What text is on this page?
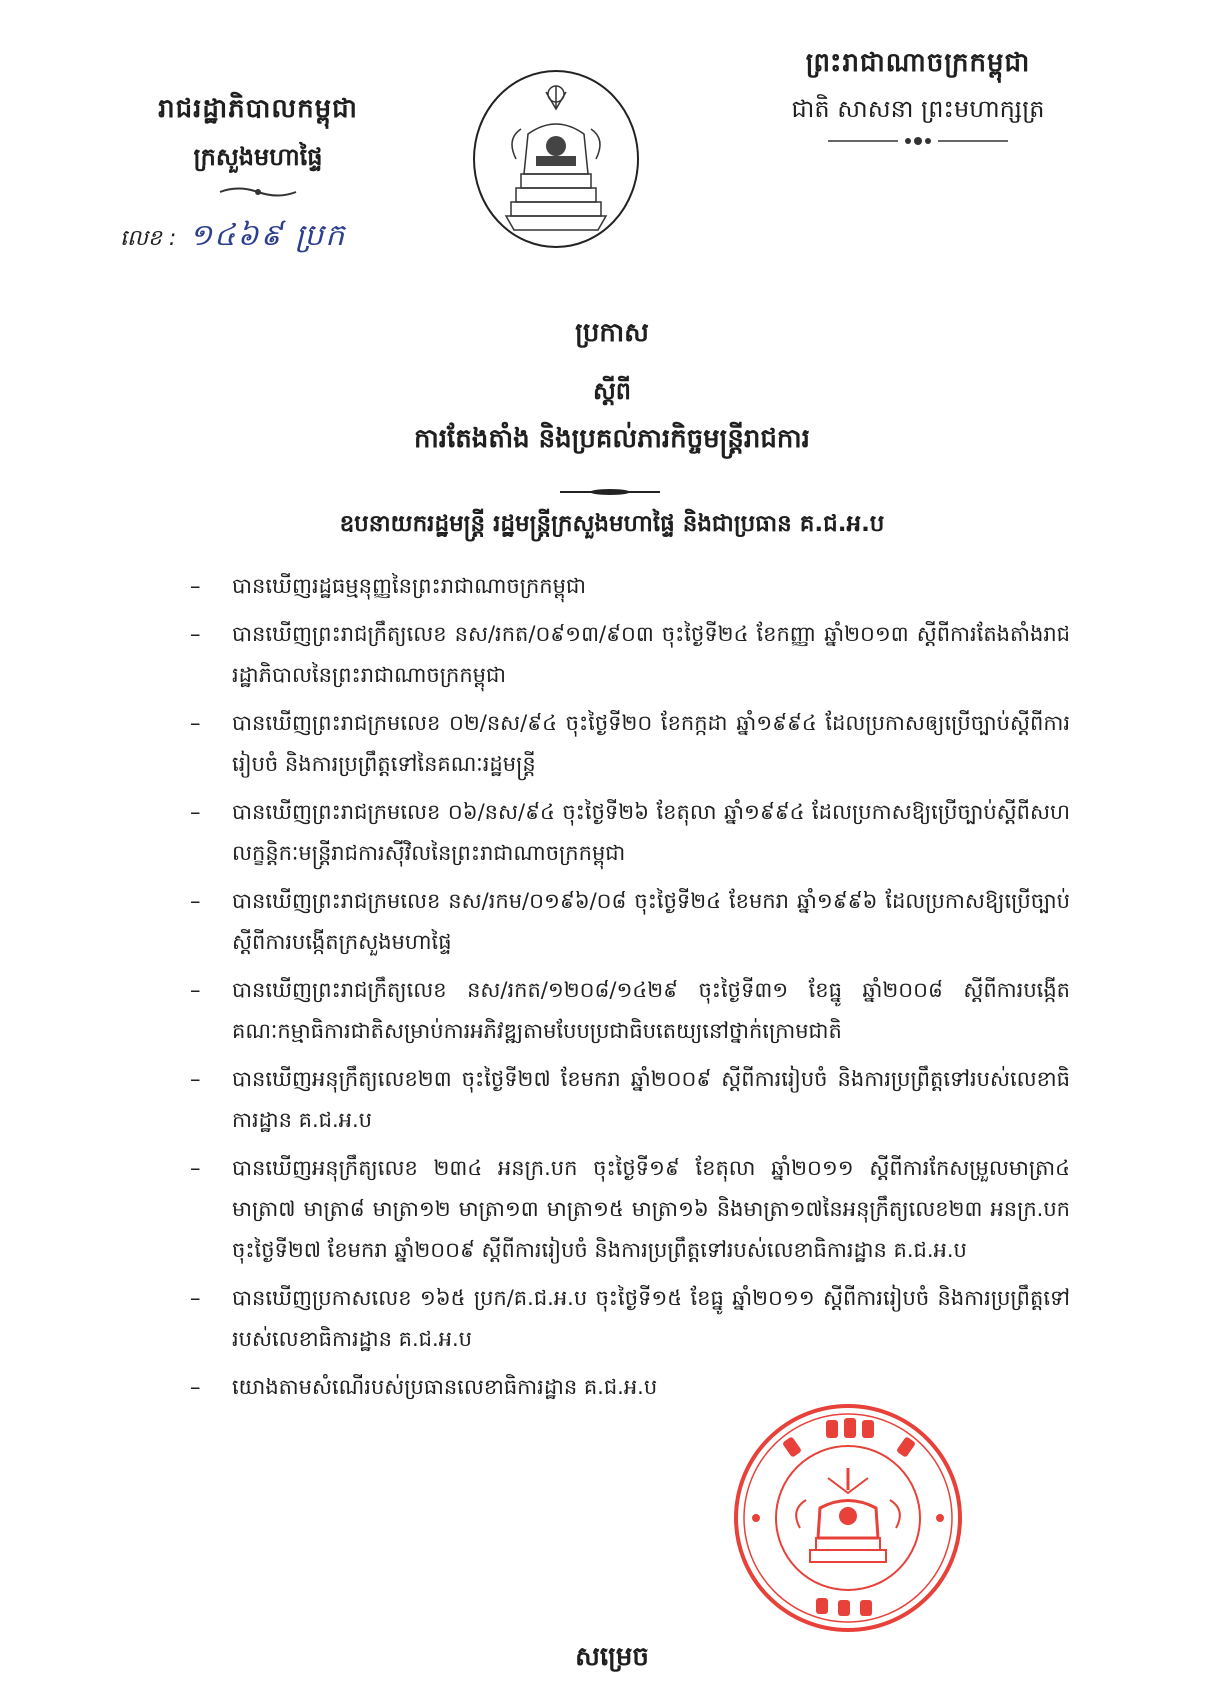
រាជរដ្ឋាភិបាលកម្ពុជា
ក្រសួងមហាផ្ទៃ
លេខ : ១៤៦៩ ប្រក
ព្រះរាជាណាចក្រកម្ពុជា
ជាតិ សាសនា ព្រះមហាក្សត្រ
ប្រកាស
ស្តីពី
ការតែងតាំង និងប្រគល់ភារកិច្ចមន្ត្រីរាជការ
ឧបនាយករដ្ឋមន្ត្រី រដ្ឋមន្ត្រីក្រសួងមហាផ្ទៃ និងជាប្រធាន គ.ជ.អ.ប
– បានឃើញរដ្ឋធម្មនុញ្ញនៃព្រះរាជាណាចក្រកម្ពុជា
– បានឃើញព្រះរាជក្រឹត្យលេខ នស/រកត/០៩១៣/៩០៣ ចុះថ្ងៃទី២៤ ខែកញ្ញា ឆ្នាំ២០១៣ ស្តីពីការតែងតាំងរាជរដ្ឋាភិបាលនៃព្រះរាជាណាចក្រកម្ពុជា
– បានឃើញព្រះរាជក្រមលេខ ០២/នស/៩៤ ចុះថ្ងៃទី២០ ខែកក្កដា ឆ្នាំ១៩៩៤ ដែលប្រកាសឲ្យប្រើច្បាប់ស្តីពីការរៀបចំ និងការប្រព្រឹត្តទៅនៃគណៈរដ្ឋមន្ត្រី
– បានឃើញព្រះរាជក្រមលេខ ០៦/នស/៩៤ ចុះថ្ងៃទី២៦ ខែតុលា ឆ្នាំ១៩៩៤ ដែលប្រកាសឱ្យប្រើច្បាប់ស្តីពីសហលក្ខន្តិកៈមន្ត្រីរាជការស៊ីវិលនៃព្រះរាជាណាចក្រកម្ពុជា
– បានឃើញព្រះរាជក្រមលេខ នស/រកម/០១៩៦/០៨ ចុះថ្ងៃទី២៤ ខែមករា ឆ្នាំ១៩៩៦ ដែលប្រកាសឱ្យប្រើច្បាប់ស្តីពីការបង្កើតក្រសួងមហាផ្ទៃ
– បានឃើញព្រះរាជក្រឹត្យលេខ នស/រកត/១២០៨/១៤២៩ ចុះថ្ងៃទី៣១ ខែធ្នូ ឆ្នាំ២០០៨ ស្តីពីការបង្កើតគណៈកម្មាធិការជាតិសម្រាប់ការអភិវឌ្ឍតាមបែបប្រជាធិបតេយ្យនៅថ្នាក់ក្រោមជាតិ
– បានឃើញអនុក្រឹត្យលេខ២៣ ចុះថ្ងៃទី២៧ ខែមករា ឆ្នាំ២០០៩ ស្តីពីការរៀបចំ និងការប្រព្រឹត្តទៅរបស់លេខាធិការដ្ឋាន គ.ជ.អ.ប
– បានឃើញអនុក្រឹត្យលេខ ២៣៤ អនក្រ.បក ចុះថ្ងៃទី១៩ ខែតុលា ឆ្នាំ២០១១ ស្តីពីការកែសម្រួលមាត្រា៤ មាត្រា៧ មាត្រា៨ មាត្រា១២ មាត្រា១៣ មាត្រា១៥ មាត្រា១៦ និងមាត្រា១៧នៃអនុក្រឹត្យលេខ២៣ អនក្រ.បក ចុះថ្ងៃទី២៧ ខែមករា ឆ្នាំ២០០៩ ស្តីពីការរៀបចំ និងការប្រព្រឹត្តទៅរបស់លេខាធិការដ្ឋាន គ.ជ.អ.ប
– បានឃើញប្រកាសលេខ ១៦៥ ប្រក/គ.ជ.អ.ប ចុះថ្ងៃទី១៥ ខែធ្នូ ឆ្នាំ២០១១ ស្តីពីការរៀបចំ និងការប្រព្រឹត្តទៅរបស់លេខាធិការដ្ឋាន គ.ជ.អ.ប
– យោងតាមសំណើរបស់ប្រធានលេខាធិការដ្ឋាន គ.ជ.អ.ប
សម្រេច
